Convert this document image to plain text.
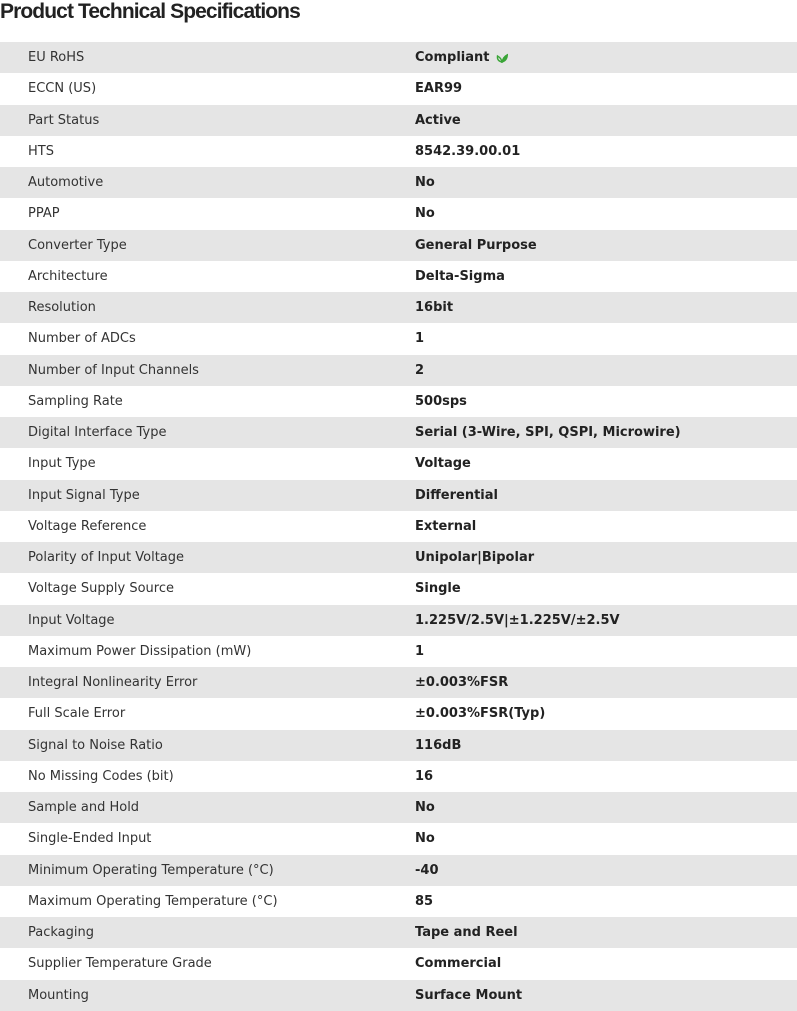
Product Technical Specifications
EU RoHS	Compliant
ECCN (US)	EAR99
Part Status	Active
HTS	8542.39.00.01
Automotive	No
PPAP	No
Converter Type	General Purpose
Architecture	Delta-Sigma
Resolution	16bit
Number of ADCs	1
Number of Input Channels	2
Sampling Rate	500sps
Digital Interface Type	Serial (3-Wire, SPI, QSPI, Microwire)
Input Type	Voltage
Input Signal Type	Differential
Voltage Reference	External
Polarity of Input Voltage	Unipolar|Bipolar
Voltage Supply Source	Single
Input Voltage	1.225V/2.5V|±1.225V/±2.5V
Maximum Power Dissipation (mW)	1
Integral Nonlinearity Error	±0.003%FSR
Full Scale Error	±0.003%FSR(Typ)
Signal to Noise Ratio	116dB
No Missing Codes (bit)	16
Sample and Hold	No
Single-Ended Input	No
Minimum Operating Temperature (°C)	-40
Maximum Operating Temperature (°C)	85
Packaging	Tape and Reel
Supplier Temperature Grade	Commercial
Mounting	Surface Mount
